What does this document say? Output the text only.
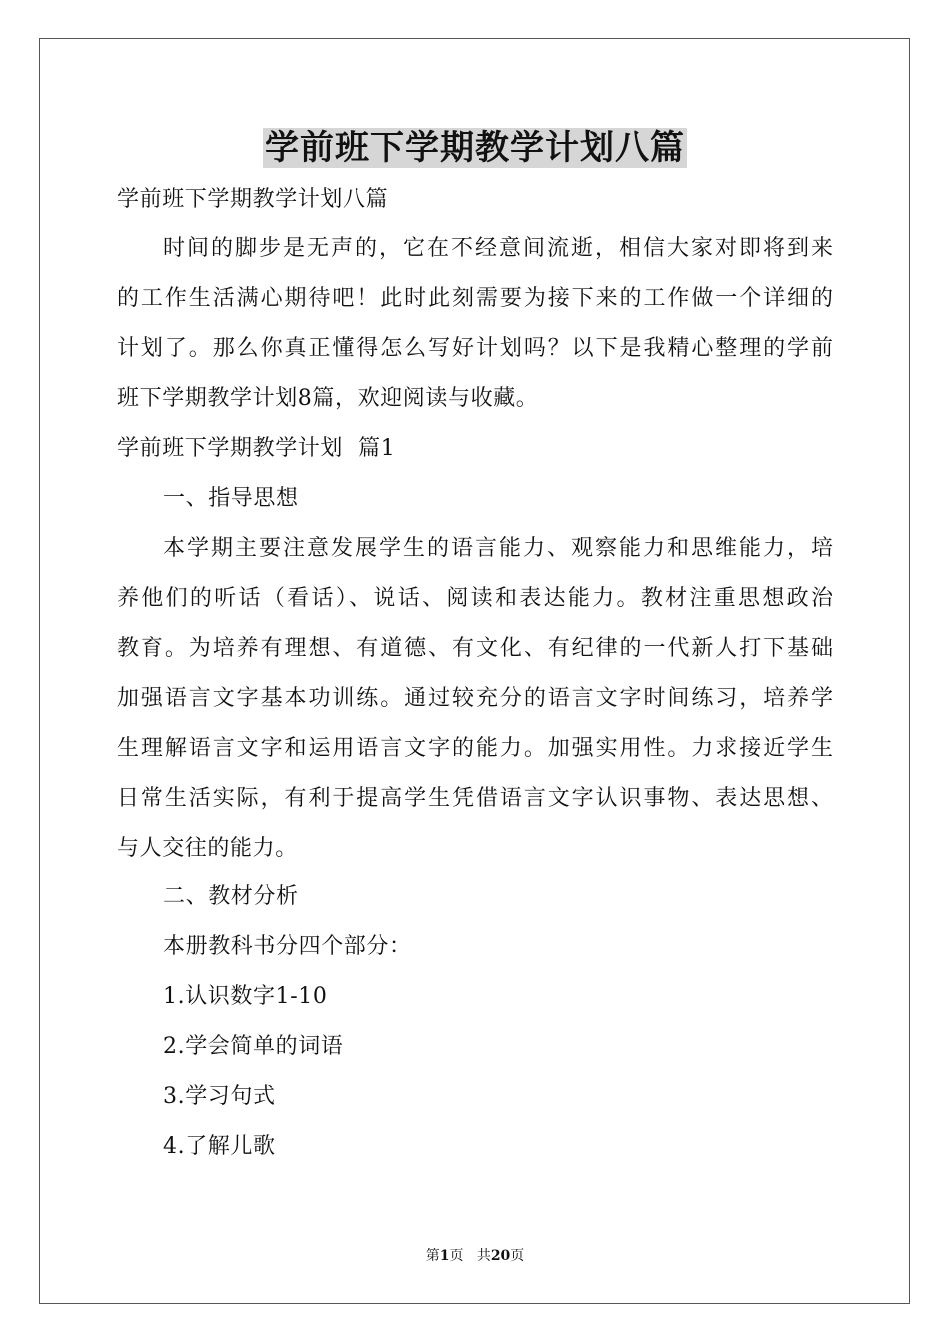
学前班下学期教学计划八篇

学前班下学期教学计划八篇

时间的脚步是无声的，它在不经意间流逝，相信大家对即将到来

的工作生活满心期待吧！此时此刻需要为接下来的工作做一个详细的

计划了。那么你真正懂得怎么写好计划吗？以下是我精心整理的学前

班下学期教学计划8篇，欢迎阅读与收藏。

学前班下学期教学计划  篇1

一、指导思想

本学期主要注意发展学生的语言能力、观察能力和思维能力，培

养他们的听话（看话）、说话、阅读和表达能力。教材注重思想政治

教育。为培养有理想、有道德、有文化、有纪律的一代新人打下基础

加强语言文字基本功训练。通过较充分的语言文字时间练习，培养学

生理解语言文字和运用语言文字的能力。加强实用性。力求接近学生

日常生活实际，有利于提高学生凭借语言文字认识事物、表达思想、

与人交往的能力。

二、教材分析

本册教科书分四个部分：

1.认识数字1-10

2.学会简单的词语

3.学习句式

4.了解儿歌

第1页 共20页
